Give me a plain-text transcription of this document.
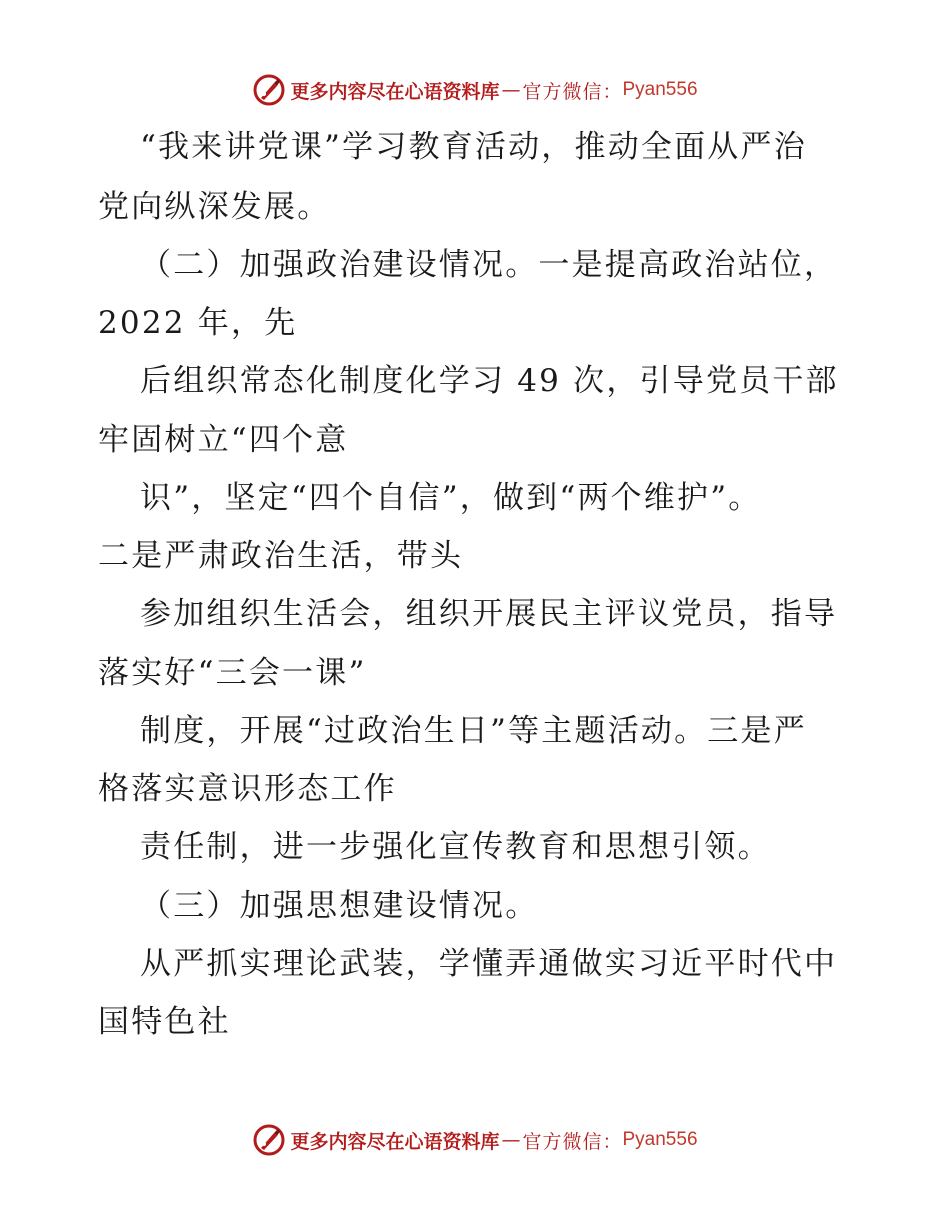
更多内容尽在心语资料库 — 官方微信： Pyan556
“我来讲党课”学习教育活动，推动全面从严治
党向纵深发展。
（二）加强政治建设情况。一是提高政治站位，
2022 年，先
后组织常态化制度化学习 49 次，引导党员干部
牢固树立“四个意
识”，坚定“四个自信”，做到“两个维护”。
二是严肃政治生活，带头
参加组织生活会，组织开展民主评议党员，指导
落实好“三会一课”
制度，开展“过政治生日”等主题活动。三是严
格落实意识形态工作
责任制，进一步强化宣传教育和思想引领。
（三）加强思想建设情况。
从严抓实理论武装，学懂弄通做实习近平时代中
国特色社
更多内容尽在心语资料库 — 官方微信： Pyan556
